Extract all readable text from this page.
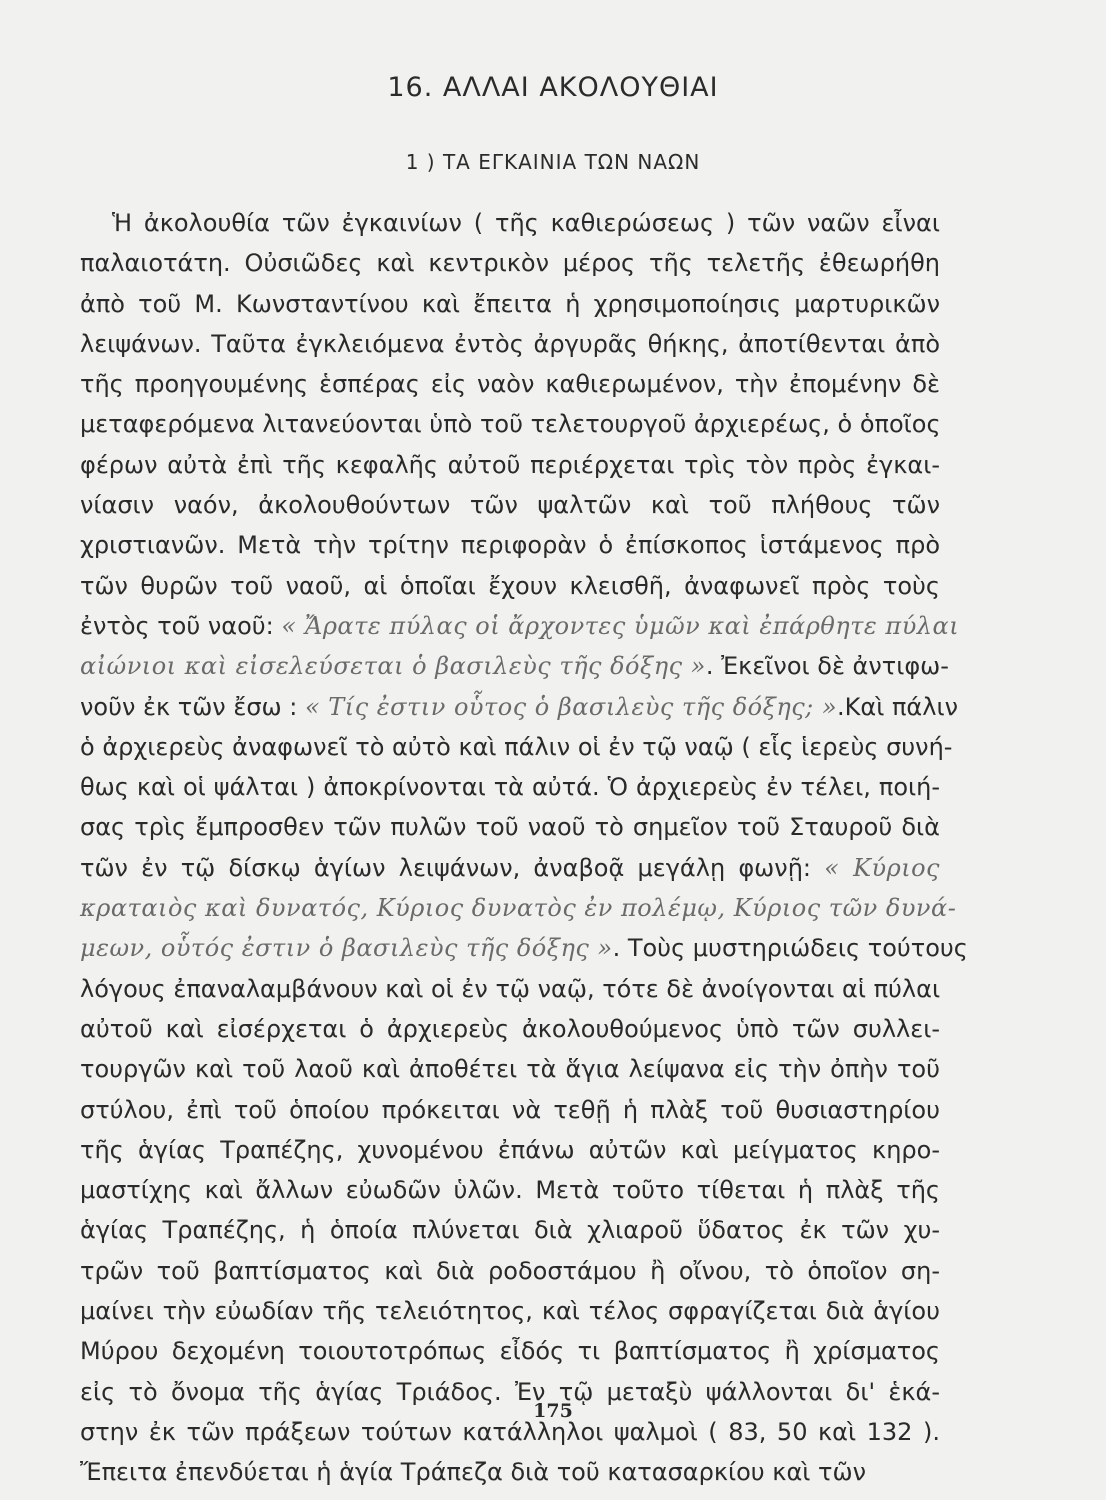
16. ΑΛΛΑΙ ΑΚΟΛΟΥΘΙΑΙ
1 ) ΤΑ ΕΓΚΑΙΝΙΑ ΤΩΝ ΝΑΩΝ
Ἡ ἀκολουθία τῶν ἐγκαινίων ( τῆς καθιερώσεως ) τῶν ναῶν εἶναι
παλαιοτάτη. Οὐσιῶδες καὶ κεντρικὸν μέρος τῆς τελετῆς ἐθεωρήθη
ἀπὸ τοῦ Μ. Κωνσταντίνου καὶ ἔπειτα ἡ χρησιμοποίησις μαρτυρικῶν
λειψάνων. Ταῦτα ἐγκλειόμενα ἐντὸς ἀργυρᾶς θήκης, ἀποτίθενται ἀπὸ
τῆς προηγουμένης ἑσπέρας εἰς ναὸν καθιερωμένον, τὴν ἐπομένην δὲ
μεταφερόμενα λιτανεύονται ὑπὸ τοῦ τελετουργοῦ ἀρχιερέως, ὁ ὁποῖος
φέρων αὐτὰ ἐπὶ τῆς κεφαλῆς αὐτοῦ περιέρχεται τρὶς τὸν πρὸς ἐγκαι-
νίασιν ναόν, ἀκολουθούντων τῶν ψαλτῶν καὶ τοῦ πλήθους τῶν
χριστιανῶν. Μετὰ τὴν τρίτην περιφορὰν ὁ ἐπίσκοπος ἱστάμενος πρὸ
τῶν θυρῶν τοῦ ναοῦ, αἱ ὁποῖαι ἔχουν κλεισθῆ, ἀναφωνεῖ πρὸς τοὺς
ἐντὸς τοῦ ναοῦ: « Ἄρατε πύλας οἱ ἄρχοντες ὑμῶν καὶ ἐπάρθητε πύλαι
αἰώνιοι καὶ εἰσελεύσεται ὁ βασιλεὺς τῆς δόξης ». Ἐκεῖνοι δὲ ἀντιφω-
νοῦν ἐκ τῶν ἔσω : « Τίς ἐστιν οὗτος ὁ βασιλεὺς τῆς δόξης; ».Καὶ πάλιν
ὁ ἀρχιερεὺς ἀναφωνεῖ τὸ αὐτὸ καὶ πάλιν οἱ ἐν τῷ ναῷ ( εἷς ἱερεὺς συνή-
θως καὶ οἱ ψάλται ) ἀποκρίνονται τὰ αὐτά. Ὁ ἀρχιερεὺς ἐν τέλει, ποιή-
σας τρὶς ἔμπροσθεν τῶν πυλῶν τοῦ ναοῦ τὸ σημεῖον τοῦ Σταυροῦ διὰ
τῶν ἐν τῷ δίσκῳ ἁγίων λειψάνων, ἀναβοᾷ μεγάλῃ φωνῇ: « Κύριος
κραταιὸς καὶ δυνατός, Κύριος δυνατὸς ἐν πολέμῳ, Κύριος τῶν δυνά-
μεων, οὗτός ἐστιν ὁ βασιλεὺς τῆς δόξης ». Τοὺς μυστηριώδεις τούτους
λόγους ἐπαναλαμβάνουν καὶ οἱ ἐν τῷ ναῷ, τότε δὲ ἀνοίγονται αἱ πύλαι
αὐτοῦ καὶ εἰσέρχεται ὁ ἀρχιερεὺς ἀκολουθούμενος ὑπὸ τῶν συλλει-
τουργῶν καὶ τοῦ λαοῦ καὶ ἀποθέτει τὰ ἅγια λείψανα εἰς τὴν ὀπὴν τοῦ
στύλου, ἐπὶ τοῦ ὁποίου πρόκειται νὰ τεθῇ ἡ πλὰξ τοῦ θυσιαστηρίου
τῆς ἁγίας Τραπέζης, χυνομένου ἐπάνω αὐτῶν καὶ μείγματος κηρο-
μαστίχης καὶ ἄλλων εὐωδῶν ὑλῶν. Μετὰ τοῦτο τίθεται ἡ πλὰξ τῆς
ἁγίας Τραπέζης, ἡ ὁποία πλύνεται διὰ χλιαροῦ ὕδατος ἐκ τῶν χυ-
τρῶν τοῦ βαπτίσματος καὶ διὰ ροδοστάμου ἢ οἴνου, τὸ ὁποῖον ση-
μαίνει τὴν εὐωδίαν τῆς τελειότητος, καὶ τέλος σφραγίζεται διὰ ἁγίου
Μύρου δεχομένη τοιουτοτρόπως εἶδός τι βαπτίσματος ἢ χρίσματος
εἰς τὸ ὄνομα τῆς ἁγίας Τριάδος. Ἐν τῷ μεταξὺ ψάλλονται δι' ἑκά-
στην ἐκ τῶν πράξεων τούτων κατάλληλοι ψαλμοὶ ( 83, 50 καὶ 132 ).
Ἔπειτα ἐπενδύεται ἡ ἁγία Τράπεζα διὰ τοῦ κατασαρκίου καὶ τῶν
175
